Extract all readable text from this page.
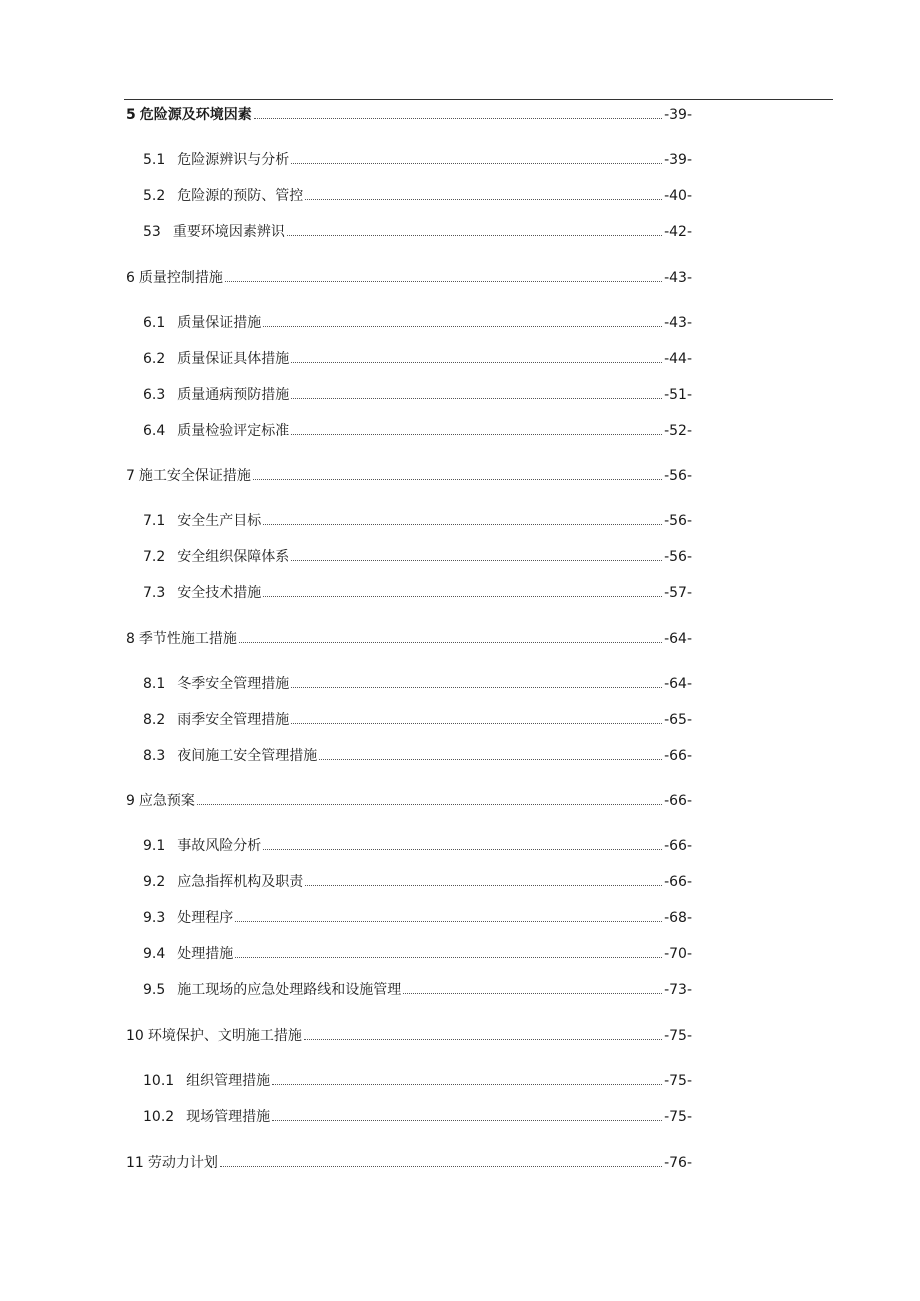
5 危险源及环境因素	-39-
5.1 危险源辨识与分析	-39-
5.2 危险源的预防、管控	-40-
53 重要环境因素辨识	-42-
6 质量控制措施	-43-
6.1 质量保证措施	-43-
6.2 质量保证具体措施	-44-
6.3 质量通病预防措施	-51-
6.4 质量检验评定标准	-52-
7 施工安全保证措施	-56-
7.1 安全生产目标	-56-
7.2 安全组织保障体系	-56-
7.3 安全技术措施	-57-
8 季节性施工措施	-64-
8.1 冬季安全管理措施	-64-
8.2 雨季安全管理措施	-65-
8.3 夜间施工安全管理措施	-66-
9 应急预案	-66-
9.1 事故风险分析	-66-
9.2 应急指挥机构及职责	-66-
9.3 处理程序	-68-
9.4 处理措施	-70-
9.5 施工现场的应急处理路线和设施管理	-73-
10 环境保护、文明施工措施	-75-
10.1 组织管理措施	-75-
10.2 现场管理措施	-75-
11 劳动力计划	-76-
